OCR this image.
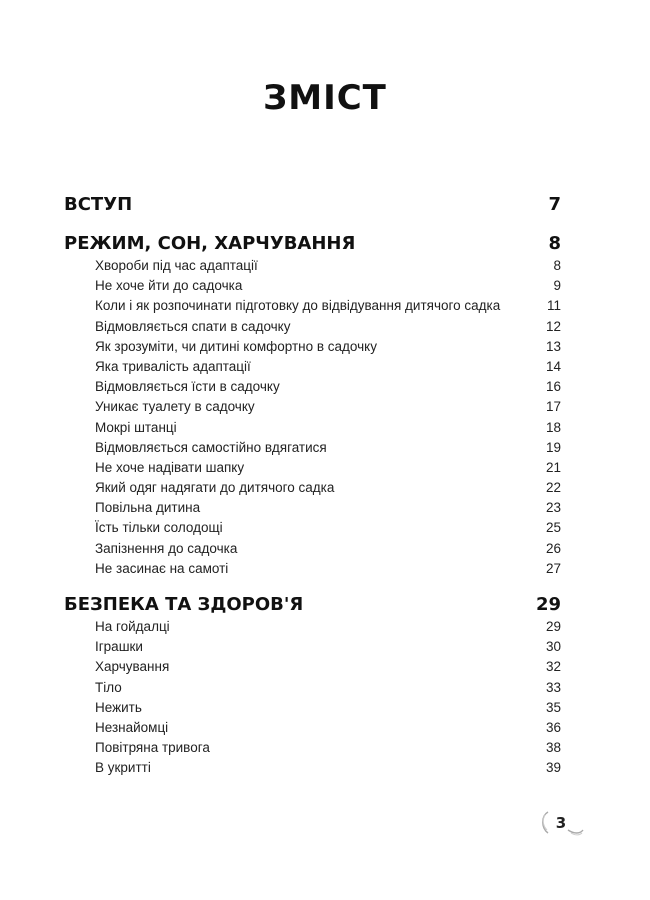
ЗМІСТ
ВСТУП	7
РЕЖИМ, СОН, ХАРЧУВАННЯ	8
Хвороби під час адаптації	8
Не хоче йти до садочка	9
Коли і як розпочинати підготовку до відвідування дитячого садка	11
Відмовляється спати в садочку	12
Як зрозуміти, чи дитині комфортно в садочку	13
Яка тривалість адаптації	14
Відмовляється їсти в садочку	16
Уникає туалету в садочку	17
Мокрі штанці	18
Відмовляється самостійно вдягатися	19
Не хоче надівати шапку	21
Який одяг надягати до дитячого садка	22
Повільна дитина	23
Їсть тільки солодощі	25
Запізнення до садочка	26
Не засинає на самоті	27
БЕЗПЕКА ТА ЗДОРОВ'Я	29
На гойдалці	29
Іграшки	30
Харчування	32
Тіло	33
Нежить	35
Незнайомці	36
Повітряна тривога	38
В укритті	39
3
